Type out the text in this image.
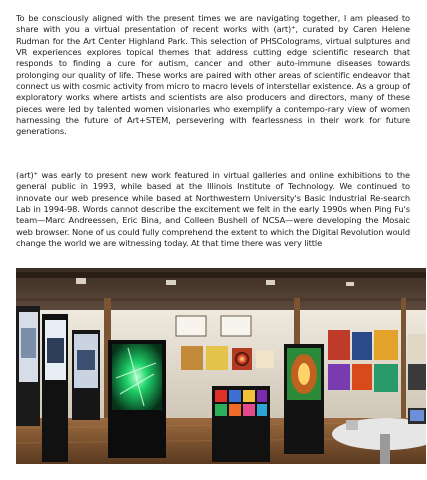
To be consciously aligned with the present times we are navigating together, I am pleased to share with you a virtual presentation of recent works with (art)⁺, curated by Caren Helene Rudman for the Art Center Highland Park. This selection of PHSColograms, virtual sulptures and VR experiences explores topical themes that address cutting edge scientific research that responds to finding a cure for autism, cancer and other auto-immune diseases towards prolonging our quality of life. These works are paired with other areas of scientific endeavor that connect us with cosmic activity from micro to macro levels of interstellar existence. As a group of exploratory works where artists and scientists are also producers and directors, many of these pieces were led by talented women visionaries who exemplify a contempo-rary view of women harnessing the future of Art+STEM, persevering with fearlessness in their work for future generations.

(art)⁺ was early to present new work featured in virtual galleries and online exhibitions to the general public in 1993, while based at the Illinois Institute of Technology. We continued to innovate our web presence while based at Northwestern University's Basic Industrial Re-search Lab in 1994-98. Words cannot describe the excitement we felt in the early 1990s when Ping Fu's team—Marc Andreessen, Eric Bina, and Colleen Bushell of NCSA—were developing the Mosaic web browser. None of us could fully comprehend the extent to which the Digital Revolution would change the world we are witnessing today. At that time there was very little
